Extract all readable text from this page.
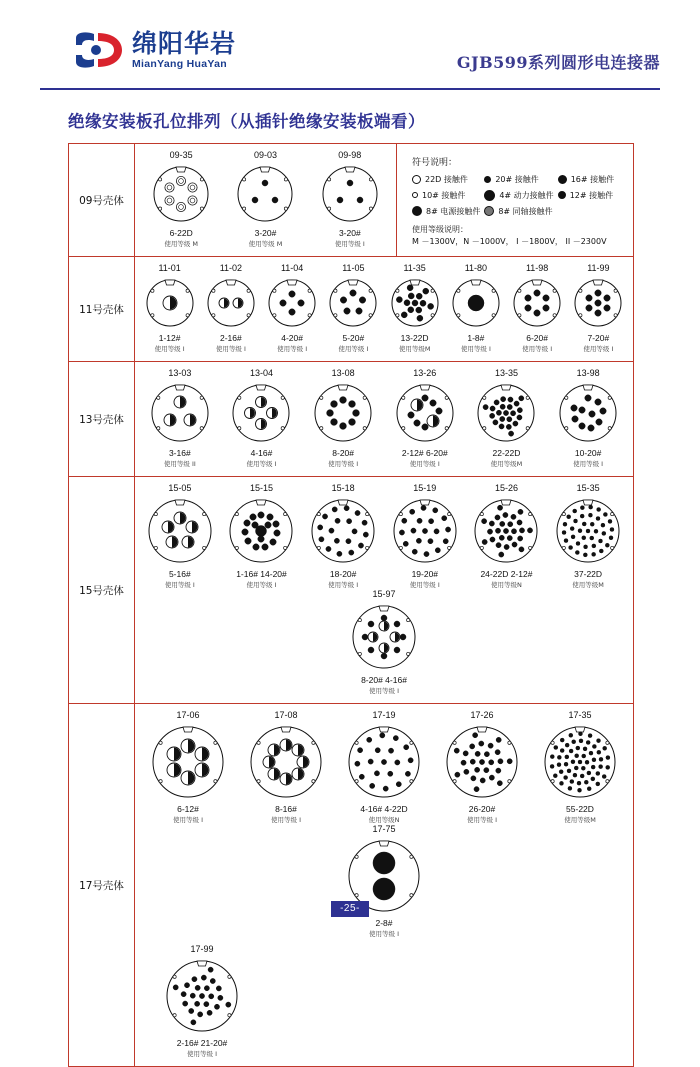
绵阳华岩
MianYang HuaYan	GJB599系列圆形电连接器
绝缘安装板孔位排列（从插针绝缘安装板端看）
09号壳体	
09-35
6-22D
使用等级 M
09-03
3-20#
使用等级 M
09-98
3-20#
使用等级 I

符号说明：
22D 接触件	20# 接触件	16# 接触件
10# 接触件	4# 动力接触件 12# 接触件
8# 电源接触件 8# 同轴接触件
使用等级说明：
M －1300V，N －1000V， I －1800V， II －2300V

11号壳体	
11-01
1-12#
使用等级 I
11-02
2-16#
使用等级 I
11-04
4-20#
使用等级 I
11-05
5-20#
使用等级 I
11-35
13-22D
使用等级M
11-80
1-8#
使用等级 I
11-98
6-20#
使用等级 I
11-99
7-20#
使用等级 I

13号壳体	
13-03
3-16#
使用等级 II
13-04
4-16#
使用等级 I
13-08
8-20#
使用等级 I
13-26
2-12# 6-20#
使用等级 I
13-35
22-22D
使用等级M
13-98
10-20#
使用等级 I

15号壳体	
15-05
5-16#
使用等级 I
15-15
1-16# 14-20#
使用等级 I
15-18
18-20#
使用等级 I
15-19
19-20#
使用等级 I
15-26
24-22D 2-12#
使用等级N
15-35
37-22D
使用等级M
15-97
8-20# 4-16#
使用等级 I

17号壳体	
17-06
6-12#
使用等级 I
17-08
8-16#
使用等级 I
17-19
4-16# 4-22D
使用等级N
17-26
26-20#
使用等级 I
17-35
55-22D
使用等级M
17-75
2-8#
使用等级 I
17-99
2-16# 21-20#
使用等级 I
-25-
